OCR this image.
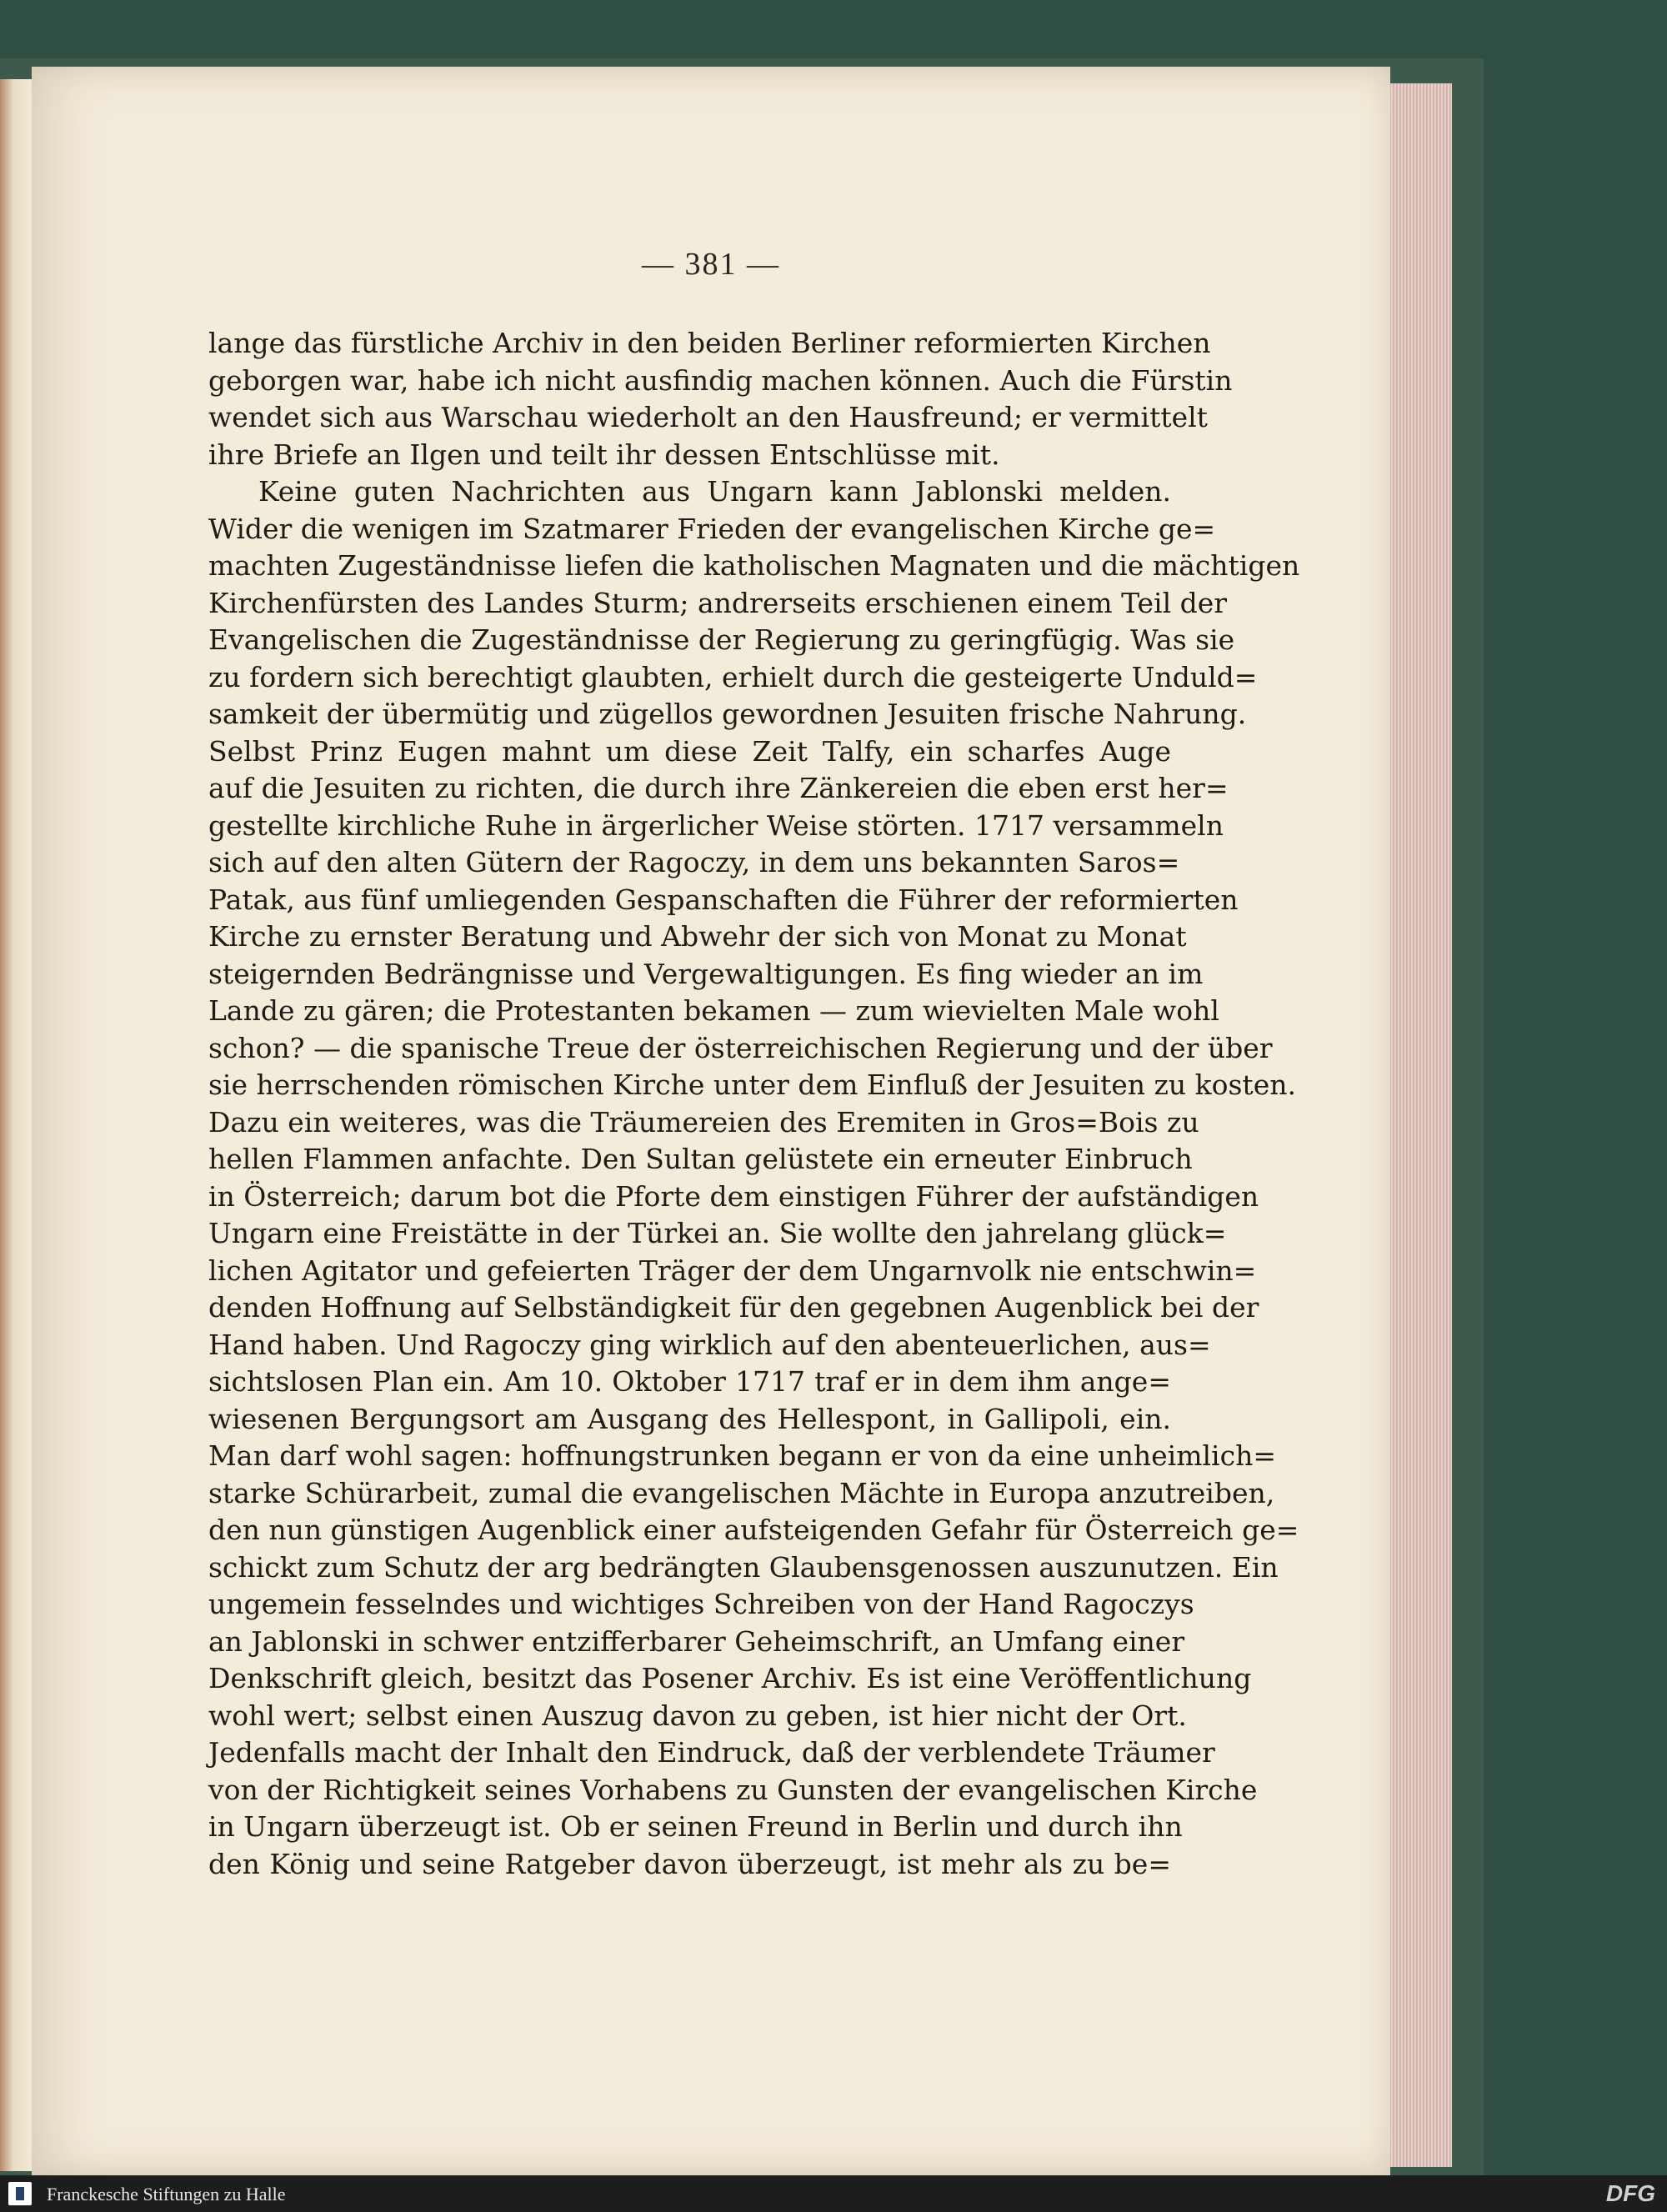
— 381 —
lange das fürstliche Archiv in den beiden Berliner reformierten Kirchen
geborgen war, habe ich nicht ausfindig machen können. Auch die Fürstin
wendet sich aus Warschau wiederholt an den Hausfreund; er vermittelt
ihre Briefe an Ilgen und teilt ihr dessen Entschlüsse mit.
Keine guten Nachrichten aus Ungarn kann Jablonski melden.
Wider die wenigen im Szatmarer Frieden der evangelischen Kirche ge=
machten Zugeständnisse liefen die katholischen Magnaten und die mächtigen
Kirchenfürsten des Landes Sturm; andrerseits erschienen einem Teil der
Evangelischen die Zugeständnisse der Regierung zu geringfügig. Was sie
zu fordern sich berechtigt glaubten, erhielt durch die gesteigerte Unduld=
samkeit der übermütig und zügellos gewordnen Jesuiten frische Nahrung.
Selbst Prinz Eugen mahnt um diese Zeit Talfy, ein scharfes Auge
auf die Jesuiten zu richten, die durch ihre Zänkereien die eben erst her=
gestellte kirchliche Ruhe in ärgerlicher Weise störten. 1717 versammeln
sich auf den alten Gütern der Ragoczy, in dem uns bekannten Saros=
Patak, aus fünf umliegenden Gespanschaften die Führer der reformierten
Kirche zu ernster Beratung und Abwehr der sich von Monat zu Monat
steigernden Bedrängnisse und Vergewaltigungen. Es fing wieder an im
Lande zu gären; die Protestanten bekamen — zum wievielten Male wohl
schon? — die spanische Treue der österreichischen Regierung und der über
sie herrschenden römischen Kirche unter dem Einfluß der Jesuiten zu kosten.
Dazu ein weiteres, was die Träumereien des Eremiten in Gros=Bois zu
hellen Flammen anfachte. Den Sultan gelüstete ein erneuter Einbruch
in Österreich; darum bot die Pforte dem einstigen Führer der aufständigen
Ungarn eine Freistätte in der Türkei an. Sie wollte den jahrelang glück=
lichen Agitator und gefeierten Träger der dem Ungarnvolk nie entschwin=
denden Hoffnung auf Selbständigkeit für den gegebnen Augenblick bei der
Hand haben. Und Ragoczy ging wirklich auf den abenteuerlichen, aus=
sichtslosen Plan ein. Am 10. Oktober 1717 traf er in dem ihm ange=
wiesenen Bergungsort am Ausgang des Hellespont, in Gallipoli, ein.
Man darf wohl sagen: hoffnungstrunken begann er von da eine unheimlich=
starke Schürarbeit, zumal die evangelischen Mächte in Europa anzutreiben,
den nun günstigen Augenblick einer aufsteigenden Gefahr für Österreich ge=
schickt zum Schutz der arg bedrängten Glaubensgenossen auszunutzen. Ein
ungemein fesselndes und wichtiges Schreiben von der Hand Ragoczys
an Jablonski in schwer entzifferbarer Geheimschrift, an Umfang einer
Denkschrift gleich, besitzt das Posener Archiv. Es ist eine Veröffentlichung
wohl wert; selbst einen Auszug davon zu geben, ist hier nicht der Ort.
Jedenfalls macht der Inhalt den Eindruck, daß der verblendete Träumer
von der Richtigkeit seines Vorhabens zu Gunsten der evangelischen Kirche
in Ungarn überzeugt ist. Ob er seinen Freund in Berlin und durch ihn
den König und seine Ratgeber davon überzeugt, ist mehr als zu be=
Franckesche Stiftungen zu Halle	DFG
